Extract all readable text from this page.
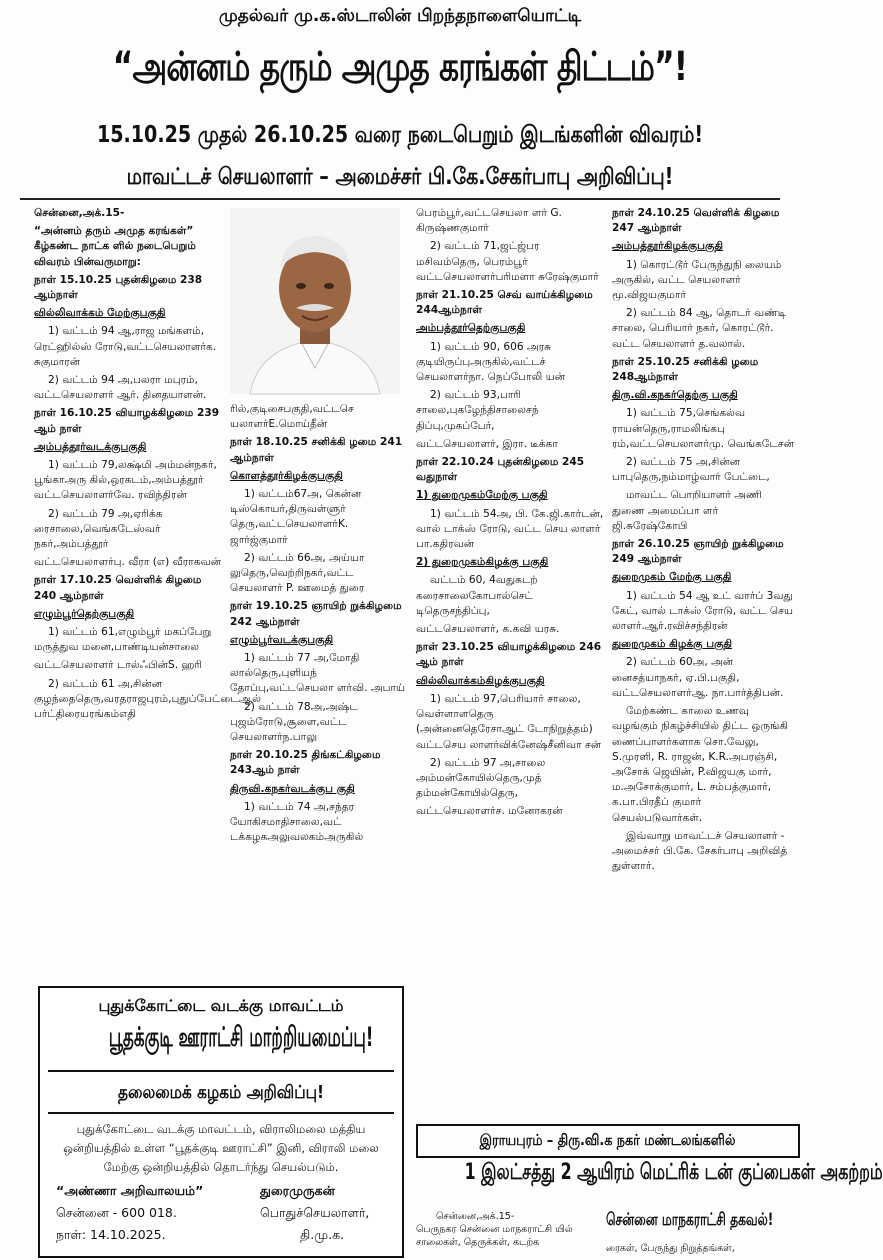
முதல்வர் மு.க.ஸ்டாலின் பிறந்தநாளையொட்டி
“அன்னம் தரும் அமுத கரங்கள் திட்டம்”!
15.10.25 முதல் 26.10.25 வரை நடைபெறும் இடங்களின் விவரம்!
மாவட்டச் செயலாளர் – அமைச்சர் பி.கே.சேகர்பாபு அறிவிப்பு!

சென்னை,அக்.15-

“அன்னம் தரும் அமுத கரங்கள்” கீழ்கண்ட நாட்க ளில் நடைபெறும் விவரம் பின்வருமாறு:

நாள் 15.10.25 புதன்கிழமை 238 ஆம்நாள்

வில்லிவாக்கம் மேற்குபகுதி

1) வட்டம் 94 ஆ,ராஜ மங்களம், ரெட்ஹில்ஸ் ரோடு,வட்டசெயலாளர்க. சுகுமாரன்

2) வட்டம் 94 அ,பலரா மபுரம், வட்டசெயலாளர் ஆர். தினதயாளன்.

நாள் 16.10.25 வியாழக்கிழமை 239 ஆம் நாள்

அம்பத்தூர்வடக்குபகுதி

1) வட்டம் 79,லக்ஷ்மி அம்மன்நகர், பூங்காஅரு கில்,ஒரகடம்,அம்பத்தூர் வட்டசெயலாளர்வே. ரவிந்திரன்

2) வட்டம் 79 அ,ஏரிக்க ரைசாலை,வெங்கடேஸ்வர் நகர்,அம்பத்தூர்

வட்டசெயலாளர்பு. வீரா (எ) வீராகவன்

நாள் 17.10.25 வெள்ளிக் கிழமை 240 ஆம்நாள்

எழும்பூர்தெற்குபகுதி

1) வட்டம் 61,எழும்பூர் மகப்பேறு மருத்துவ மனை,பாண்டியன்சாலை

வட்டசெயலாளர் டால்ஃபின்S. ஹரி

2) வட்டம் 61 அ,சின்ன குழந்தைதெரு,வரதராஜபுரம்,புதுப்பேட்டைஆல் பர்ட்திரையரங்கம்எதி

ரில்,குடிசைபகுதி,வட்டசெ யலாளர்E.மொய்தீன்

நாள் 18.10.25 சனிக்கி ழமை 241 ஆம்நாள்

கொளத்தூர்கிழக்குபகுதி

1) வட்டம்67அ, கென்ன டிஸ்கொயர்,திருவள்ளுர் தெரு,வட்டசெயலாளர்K. ஜார்ஜ்குமார்

2) வட்டம் 66அ, அய்யா லுதெரு,வெற்றிநகர்,வட்ட செயலாளர் P. ஊமைத் துரை

நாள் 19.10.25 ஞாயிற் றுக்கிழமை 242 ஆம்நாள்

எழும்பூர்வடக்குபகுதி

1) வட்டம் 77 அ,மோதி லால்தெரு,புளியந் தோப்பு,வட்டசெயலா ளர்வி. அபாய்

2) வட்டம் 78அ,அஷ்ட புஜம்ரோடு,சூளை,வட்ட செயலாளர்ந.பாலு

நாள் 20.10.25 திங்கட்கிழமை 243ஆம் நாள்

திருவி.கநகர்வடக்குப குதி

1) வட்டம் 74 அ,சந்தர யோகிசமாதிசாலை,வட் டக்கழகஅலுவலகம்அருகில்

பெரம்பூர்,வட்டசெயலா ளர் G. கிருஷ்ணகுமார்

2) வட்டம் 71,ஜட்ஜ்பர மசிவம்தெரு, பெரம்பூர் வட்டசெயலாளர்பரிமளா சுரேஷ்குமார்

நாள் 21.10.25 செவ் வாய்க்கிழமை 244ஆம்நாள்

அம்பத்தூர்தெற்குபகுதி

1) வட்டம் 90, 606 அரசு குடியிருப்புஅருகில்,வட்டச் செயலாளர்நா. நெப்போலி யன்

2) வட்டம் 93,பாரி சாலை,புகழேந்திசாலைசந் திப்பு,முகப்பேர்,

வட்டசெயலாளர், இரா. டீக்கா

நாள் 22.10.24 புதன்கிழமை 245 வதுநாள்

1) துறைமுகம்மேற்கு பகுதி

1) வட்டம் 54அ, பி. கே.ஜி.கார்டன், வால் டாக்ஸ் ரோடு, வட்ட செய லாளர் பா.கதிரவன்

2) துறைமுகம்கிழக்கு பகுதி

வட்டம் 60, 4வதுகடற் கரைசாலைகோபால்செட் டிதெருசந்திப்பு,

வட்டசெயலாளர், க.கவி யரசு.

நாள் 23.10.25 வியாழக்கிழமை 246 ஆம் நாள்

வில்லிவாக்கம்கிழக்குபகுதி

1) வட்டம் 97,பெரியார் சாலை, வெள்ளாளதெரு (அன்னைதெரேசாஆட் டோநிறுத்தம்) வட்டசெய லாளர்விக்னேஷ்சீனிவா சன்

2) வட்டம் 97 அ,சாலை அம்மன்கோயில்தெரு,முத் தம்மன்கோயில்தெரு,

வட்டசெயலாளர்ச. மனோகரன்

நாள் 24.10.25 வெள்ளிக் கிழமை 247 ஆம்நாள்

அம்பத்தூர்கிழக்குபகுதி

1) கொரட்டூர் பேருந்துநி லையம் அருகில், வட்ட செயலாளர் மூ.விஜயகுமார்

2) வட்டம் 84 ஆ, தொடர் வண்டி சாலை, பெரியார் நகர், கொரட்டூர். வட்ட செயலாளர் த.வலால்.

நாள் 25.10.25 சனிக்கி ழமை 248ஆம்நாள்

திரு.வி.கநகர்தெற்கு பகுதி

1) வட்டம் 75,செங்கல்வ ராயன்தெரு,ராமலிங்கபு ரம்,வட்டசெயலாளர்மு. வெங்கடேசன்

2) வட்டம் 75 அ,சின்ன பாபுதெரு,நம்மாழ்வார் பேட்டை,

மாவட்ட பொறியாளர் அணி துணை அமைப்பா ளர் ஜி.சுரேஷ்கோபி

நாள் 26.10.25 ஞாயிற் றுக்கிழமை 249 ஆம்நாள்

துறைமுகம் மேற்கு பகுதி

1) வட்டம் 54 ஆ உட் வார்ப் 3வது கேட், வால் டாக்ஸ் ரோடு, வட்ட செய லாளர்.ஆர்.ரவிச்சந்திரன்

துறைமுகம் கிழக்கு பகுதி

2) வட்டம் 60அ, அன் னைசத்யாநகர், ஏ.பி.பகுதி, வட்டசெயலாளர்ஆ. நா.பார்த்திபன்.

மேற்கண்ட காலை உணவு வழங்கும் நிகழ்ச்சியில் திட்ட ஒருங்கி ணைப்பாளர்களாக சொ.வேலு, S.முரளி, R. ராஜன், K.R.அபரஞ்சி, அசோக் ஜெயின், P.விஜயகு மார், ம.அசோக்குமார், L. சம்பத்குமார், க.பா.பிரதீப் குமார் செயல்படுவார்கள்.

இவ்வாறு மாவட்டச் செயலாளர் - அமைச்சர் பி.கே. சேகர்பாபு அறிவித் துள்ளார்.

புதுக்கோட்டை வடக்கு மாவட்டம்
பூதக்குடி ஊராட்சி மாற்றியமைப்பு!
தலைமைக் கழகம் அறிவிப்பு!
புதுக்கோட்டை வடக்கு மாவட்டம், விராலிமலை மத்திய ஒன்றியத்தில் உள்ள “பூதக்குடி ஊராட்சி” இனி, விராலி மலை மேற்கு ஒன்றியத்தில் தொடர்ந்து செயல்படும்.
“அண்ணா அறிவாலயம்”
சென்னை - 600 018.
நாள்: 14.10.2025.
துரைமுருகன்
பொதுச்செயலாளர்,
தி.மு.க.
இராயபுரம் – திரு.வி.க நகர் மண்டலங்களில்
1 இலட்சத்து 2 ஆயிரம் மெட்ரிக் டன் குப்பைகள் அகற்றம்
சென்னை,அக்.15-
பெருநகர சென்னை மாநகராட்சி யில் சாலைகள், தெருக்கள், கடற்க
சென்னை மாநகராட்சி தகவல்!
ரைகள், பேருந்து நிறுத்தங்கள்,
